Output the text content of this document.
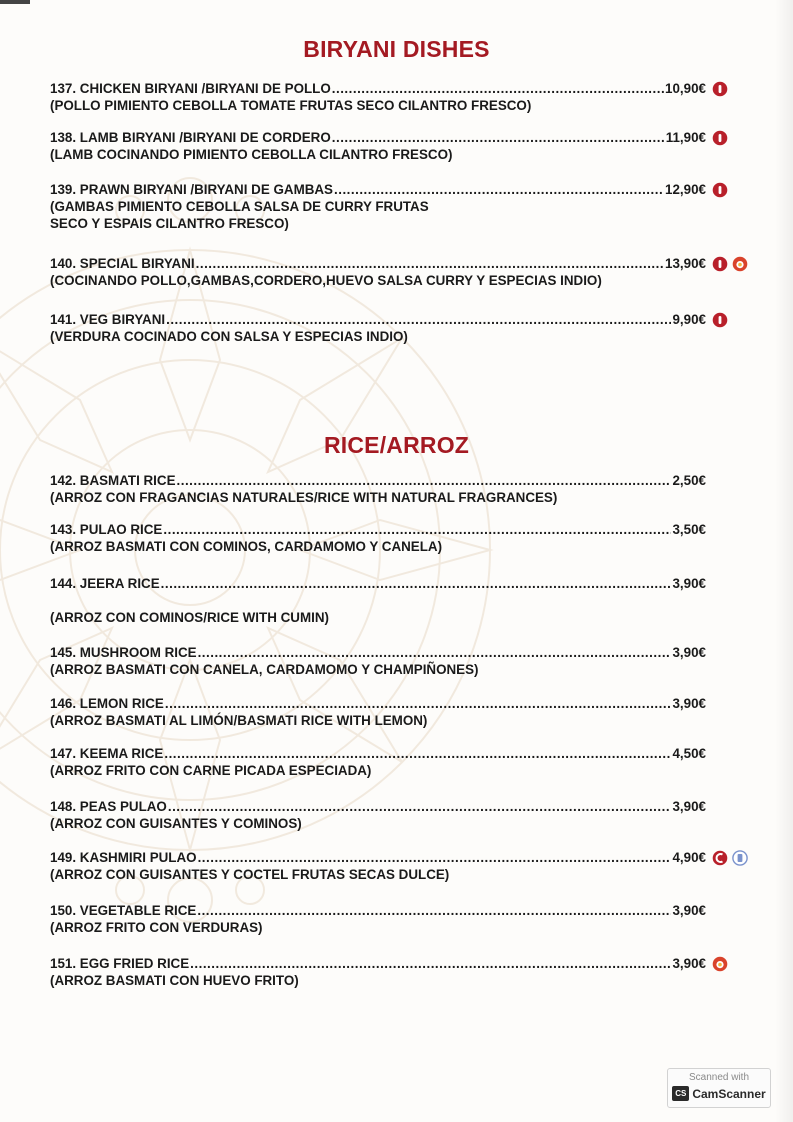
BIRYANI DISHES
137. CHICKEN BIRYANI /BIRYANI DE POLLO .....	10,90€
(POLLO PIMIENTO CEBOLLA TOMATE FRUTAS SECO CILANTRO FRESCO)
138. LAMB BIRYANI /BIRYANI DE CORDERO .....	11,90€
(LAMB COCINANDO PIMIENTO CEBOLLA CILANTRO FRESCO)
139. PRAWN BIRYANI /BIRYANI DE GAMBAS .....	12,90€
(GAMBAS PIMIENTO CEBOLLA SALSA DE CURRY FRUTAS
SECO Y ESPAIS CILANTRO FRESCO)
140. SPECIAL BIRYANI .....	13,90€
(COCINANDO POLLO,GAMBAS,CORDERO,HUEVO SALSA CURRY Y ESPECIAS INDIO)
141. VEG BIRYANI .....	9,90€
(VERDURA COCINADO CON SALSA Y ESPECIAS INDIO)
RICE/ARROZ
142. BASMATI RICE .....	2,50€
(ARROZ CON FRAGANCIAS NATURALES/RICE WITH NATURAL FRAGRANCES)
143. PULAO RICE .....	3,50€
(ARROZ BASMATI CON COMINOS, CARDAMOMO Y CANELA)
144. JEERA RICE .....	3,90€
(ARROZ CON COMINOS/RICE WITH CUMIN)
145. MUSHROOM RICE .....	3,90€
(ARROZ BASMATI CON CANELA, CARDAMOMO Y CHAMPIÑONES)
146. LEMON RICE .....	3,90€
(ARROZ BASMATI AL LIMÓN/BASMATI RICE WITH LEMON)
147. KEEMA RICE .....	4,50€
(ARROZ FRITO CON CARNE PICADA ESPECIADA)
148. PEAS PULAO .....	3,90€
(ARROZ CON GUISANTES Y COMINOS)
149. KASHMIRI PULAO .....	4,90€
(ARROZ CON GUISANTES Y COCTEL FRUTAS SECAS DULCE)
150. VEGETABLE RICE .....	3,90€
(ARROZ FRITO CON VERDURAS)
151. EGG FRIED RICE .....	3,90€
(ARROZ BASMATI CON HUEVO FRITO)
Scanned with
CS CamScanner
